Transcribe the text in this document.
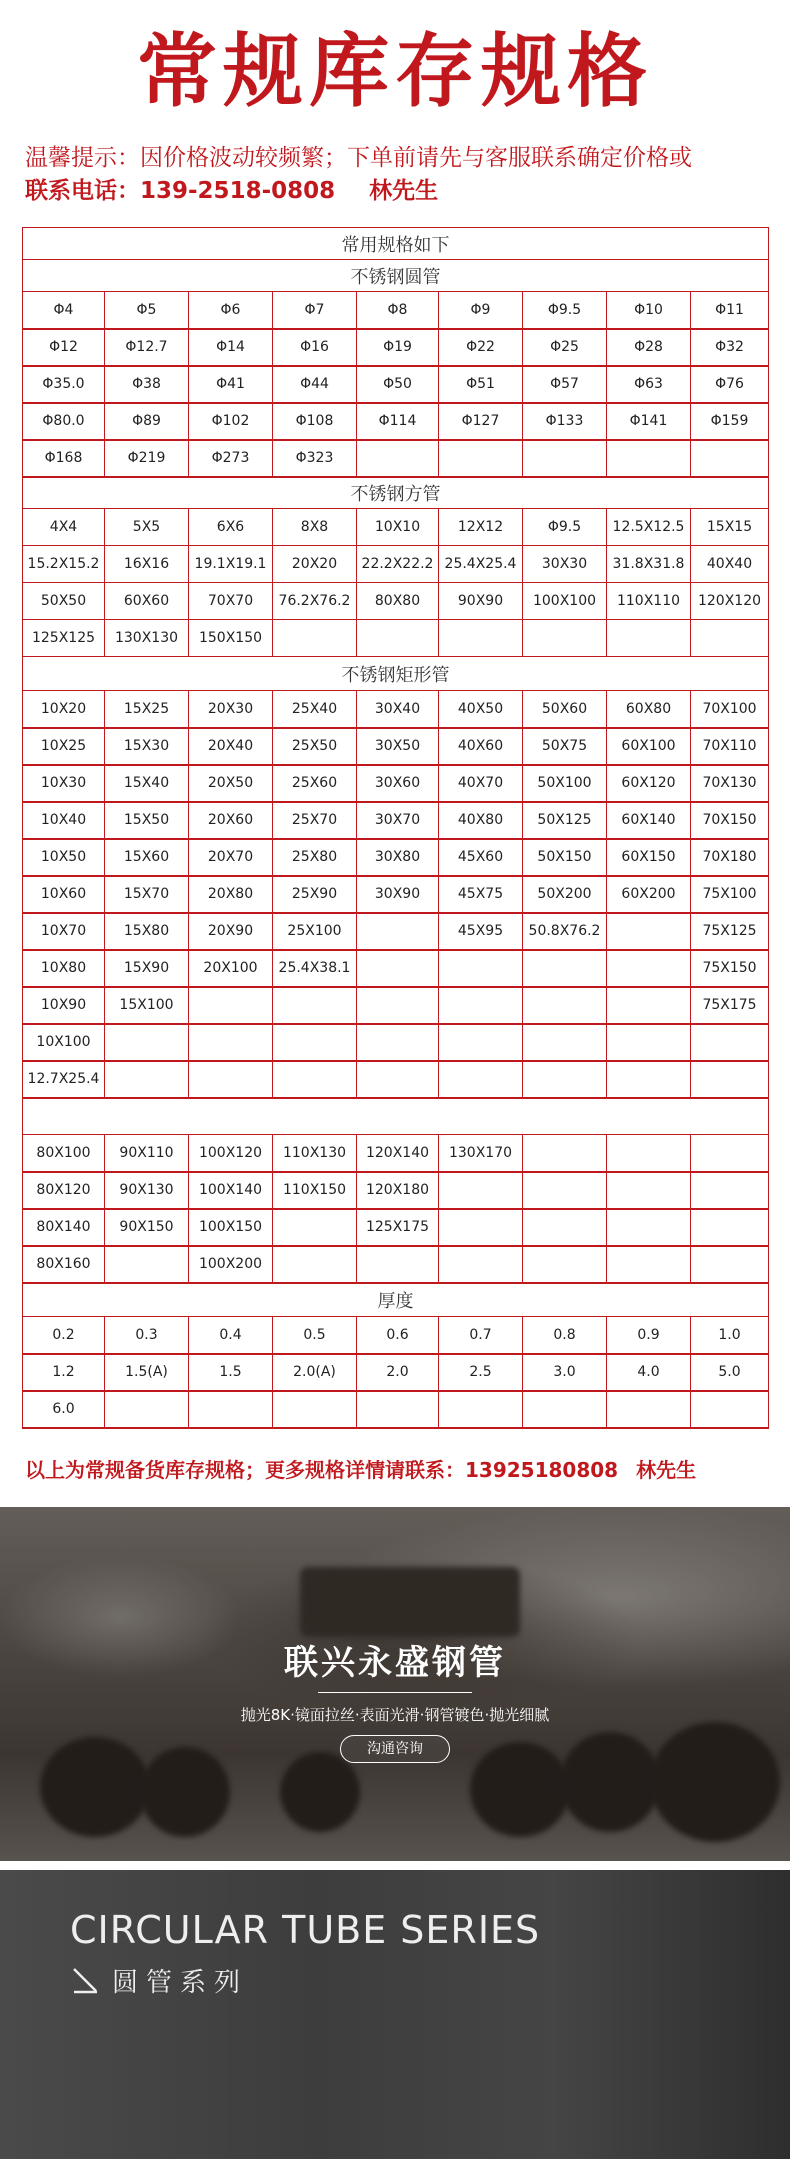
常规库存规格
温馨提示：因价格波动较频繁；下单前请先与客服联系确定价格或
联系电话：139-2518-0808 林先生
常用规格如下								
不锈钢圆管								
Φ4	Φ5	Φ6	Φ7	Φ8	Φ9	Φ9.5	Φ10	Φ11
Φ12	Φ12.7	Φ14	Φ16	Φ19	Φ22	Φ25	Φ28	Φ32
Φ35.0	Φ38	Φ41	Φ44	Φ50	Φ51	Φ57	Φ63	Φ76
Φ80.0	Φ89	Φ102	Φ108	Φ114	Φ127	Φ133	Φ141	Φ159
Φ168	Φ219	Φ273	Φ323					
不锈钢方管								
4X4	5X5	6X6	8X8	10X10	12X12	Φ9.5	12.5X12.5	15X15
15.2X15.2	16X16	19.1X19.1	20X20	22.2X22.2	25.4X25.4	30X30	31.8X31.8	40X40
50X50	60X60	70X70	76.2X76.2	80X80	90X90	100X100	110X110	120X120
125X125	130X130	150X150						
不锈钢矩形管								
10X20	15X25	20X30	25X40	30X40	40X50	50X60	60X80	70X100
10X25	15X30	20X40	25X50	30X50	40X60	50X75	60X100	70X110
10X30	15X40	20X50	25X60	30X60	40X70	50X100	60X120	70X130
10X40	15X50	20X60	25X70	30X70	40X80	50X125	60X140	70X150
10X50	15X60	20X70	25X80	30X80	45X60	50X150	60X150	70X180
10X60	15X70	20X80	25X90	30X90	45X75	50X200	60X200	75X100
10X70	15X80	20X90	25X100		45X95	50.8X76.2		75X125
10X80	15X90	20X100	25.4X38.1					75X150
10X90	15X100							75X175
10X100								
12.7X25.4								

80X100	90X110	100X120	110X130	120X140	130X170			
80X120	90X130	100X140	110X150	120X180				
80X140	90X150	100X150		125X175				
80X160		100X200						
厚度								
0.2	0.3	0.4	0.5	0.6	0.7	0.8	0.9	1.0
1.2	1.5(A)	1.5	2.0(A)	2.0	2.5	3.0	4.0	5.0
6.0								
以上为常规备货库存规格；更多规格详情请联系：13925180808 林先生
联兴永盛钢管
抛光8K·镜面拉丝·表面光滑·钢管镀色·抛光细腻
沟通咨询
CIRCULAR TUBE SERIES
圆管系列
